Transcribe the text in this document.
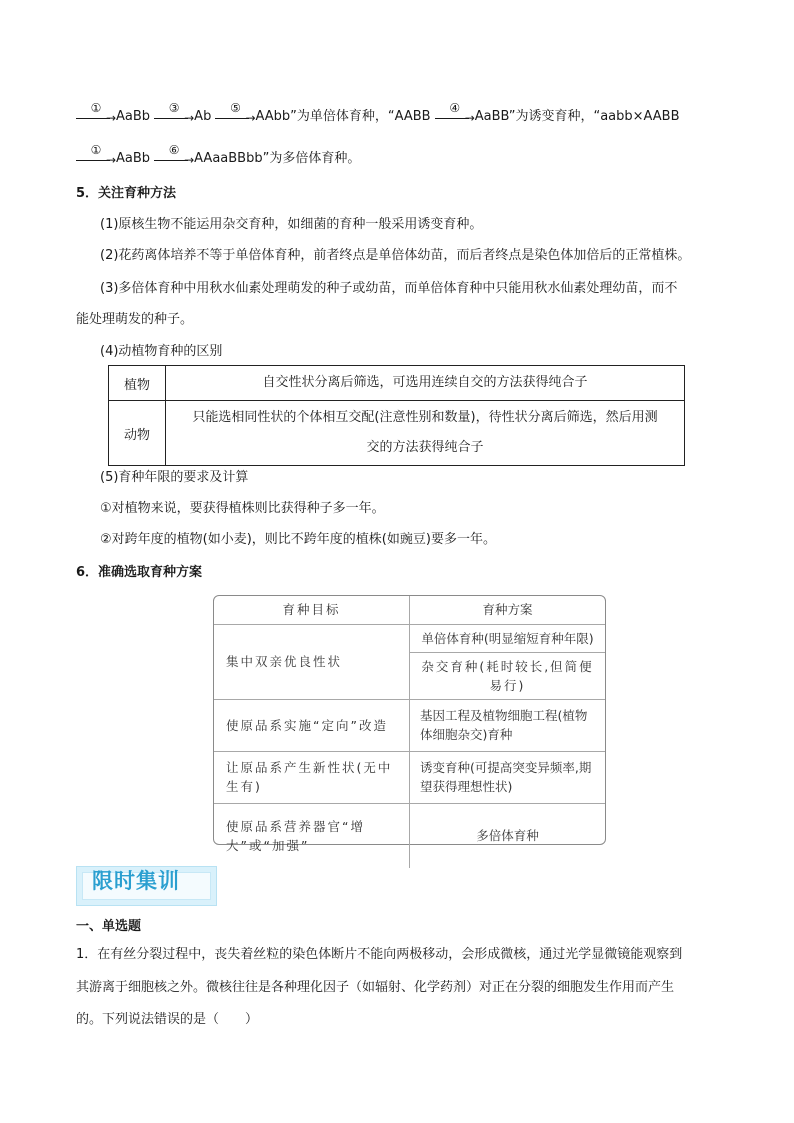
①
→ AaBb
③
→ Ab
⑤
→ AAbb”为单倍体育种，“AABB
④
→ AaBB”为诱变育种，“aabb×AABB
①
→ AaBb
⑥
→ AAaaBBbb”为多倍体育种。
5．关注育种方法
(1)原核生物不能运用杂交育种，如细菌的育种一般采用诱变育种。
(2)花药离体培养不等于单倍体育种，前者终点是单倍体幼苗，而后者终点是染色体加倍后的正常植株。
(3)多倍体育种中用秋水仙素处理萌发的种子或幼苗，而单倍体育种中只能用秋水仙素处理幼苗，而不
能处理萌发的种子。
(4)动植物育种的区别
植物	自交性状分离后筛选，可选用连续自交的方法获得纯合子
动物	只能选相同性状的个体相互交配(注意性别和数量)，待性状分离后筛选，然后用测
交的方法获得纯合子
(5)育种年限的要求及计算
①对植物来说，要获得植株则比获得种子多一年。
②对跨年度的植物(如小麦)，则比不跨年度的植株(如豌豆)要多一年。
6．准确选取育种方案
育种目标	育种方案
集中双亲优良性状	单倍体育种(明显缩短育种年限)
	杂交育种(耗时较长,但简便易行)
使原品系实施“定向”改造	基因工程及植物细胞工程(植物体细胞杂交)育种
让原品系产生新性状(无中生有)	诱变育种(可提高突变异频率,期望获得理想性状)
使原品系营养器官“增大”或“加强”	多倍体育种
限时集训
一、单选题
1．在有丝分裂过程中，丧失着丝粒的染色体断片不能向两极移动，会形成微核，通过光学显微镜能观察到
其游离于细胞核之外。微核往往是各种理化因子（如辐射、化学药剂）对正在分裂的细胞发生作用而产生
的。下列说法错误的是（　　）
